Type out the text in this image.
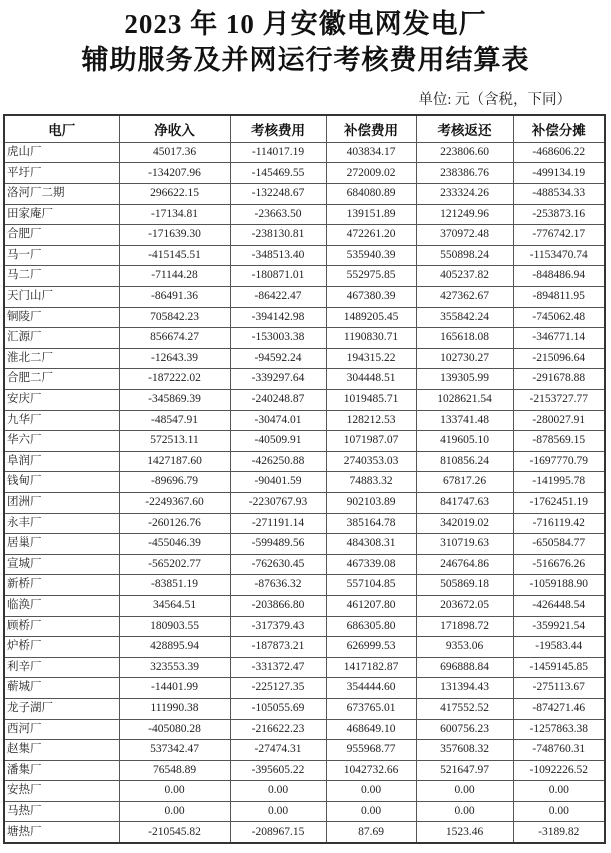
2023 年 10 月安徽电网发电厂
辅助服务及并网运行考核费用结算表
单位: 元（含税，下同）
电厂	净收入	考核费用	补偿费用	考核返还	补偿分摊
虎山厂	45017.36	-114017.19	403834.17	223806.60	-468606.22
平圩厂	-134207.96	-145469.55	272009.02	238386.76	-499134.19
洛河厂二期	296622.15	-132248.67	684080.89	233324.26	-488534.33
田家庵厂	-17134.81	-23663.50	139151.89	121249.96	-253873.16
合肥厂	-171639.30	-238130.81	472261.20	370972.48	-776742.17
马一厂	-415145.51	-348513.40	535940.39	550898.24	-1153470.74
马二厂	-71144.28	-180871.01	552975.85	405237.82	-848486.94
天门山厂	-86491.36	-86422.47	467380.39	427362.67	-894811.95
铜陵厂	705842.23	-394142.98	1489205.45	355842.24	-745062.48
汇源厂	856674.27	-153003.38	1190830.71	165618.08	-346771.14
淮北二厂	-12643.39	-94592.24	194315.22	102730.27	-215096.64
合肥二厂	-187222.02	-339297.64	304448.51	139305.99	-291678.88
安庆厂	-345869.39	-240248.87	1019485.71	1028621.54	-2153727.77
九华厂	-48547.91	-30474.01	128212.53	133741.48	-280027.91
华六厂	572513.11	-40509.91	1071987.07	419605.10	-878569.15
阜润厂	1427187.60	-426250.88	2740353.03	810856.24	-1697770.79
钱甸厂	-89696.79	-90401.59	74883.32	67817.26	-141995.78
团洲厂	-2249367.60	-2230767.93	902103.89	841747.63	-1762451.19
永丰厂	-260126.76	-271191.14	385164.78	342019.02	-716119.42
居巢厂	-455046.39	-599489.56	484308.31	310719.63	-650584.77
宣城厂	-565202.77	-762630.45	467339.08	246764.86	-516676.26
新桥厂	-83851.19	-87636.32	557104.85	505869.18	-1059188.90
临涣厂	34564.51	-203866.80	461207.80	203672.05	-426448.54
顾桥厂	180903.55	-317379.43	686305.80	171898.72	-359921.54
炉桥厂	428895.94	-187873.21	626999.53	9353.06	-19583.44
利辛厂	323553.39	-331372.47	1417182.87	696888.84	-1459145.85
蕲城厂	-14401.99	-225127.35	354444.60	131394.43	-275113.67
龙子湖厂	111990.38	-105055.69	673765.01	417552.52	-874271.46
西河厂	-405080.28	-216622.23	468649.10	600756.23	-1257863.38
赵集厂	537342.47	-27474.31	955968.77	357608.32	-748760.31
潘集厂	76548.89	-395605.22	1042732.66	521647.97	-1092226.52
安热厂	0.00	0.00	0.00	0.00	0.00
马热厂	0.00	0.00	0.00	0.00	0.00
塘热厂	-210545.82	-208967.15	87.69	1523.46	-3189.82
